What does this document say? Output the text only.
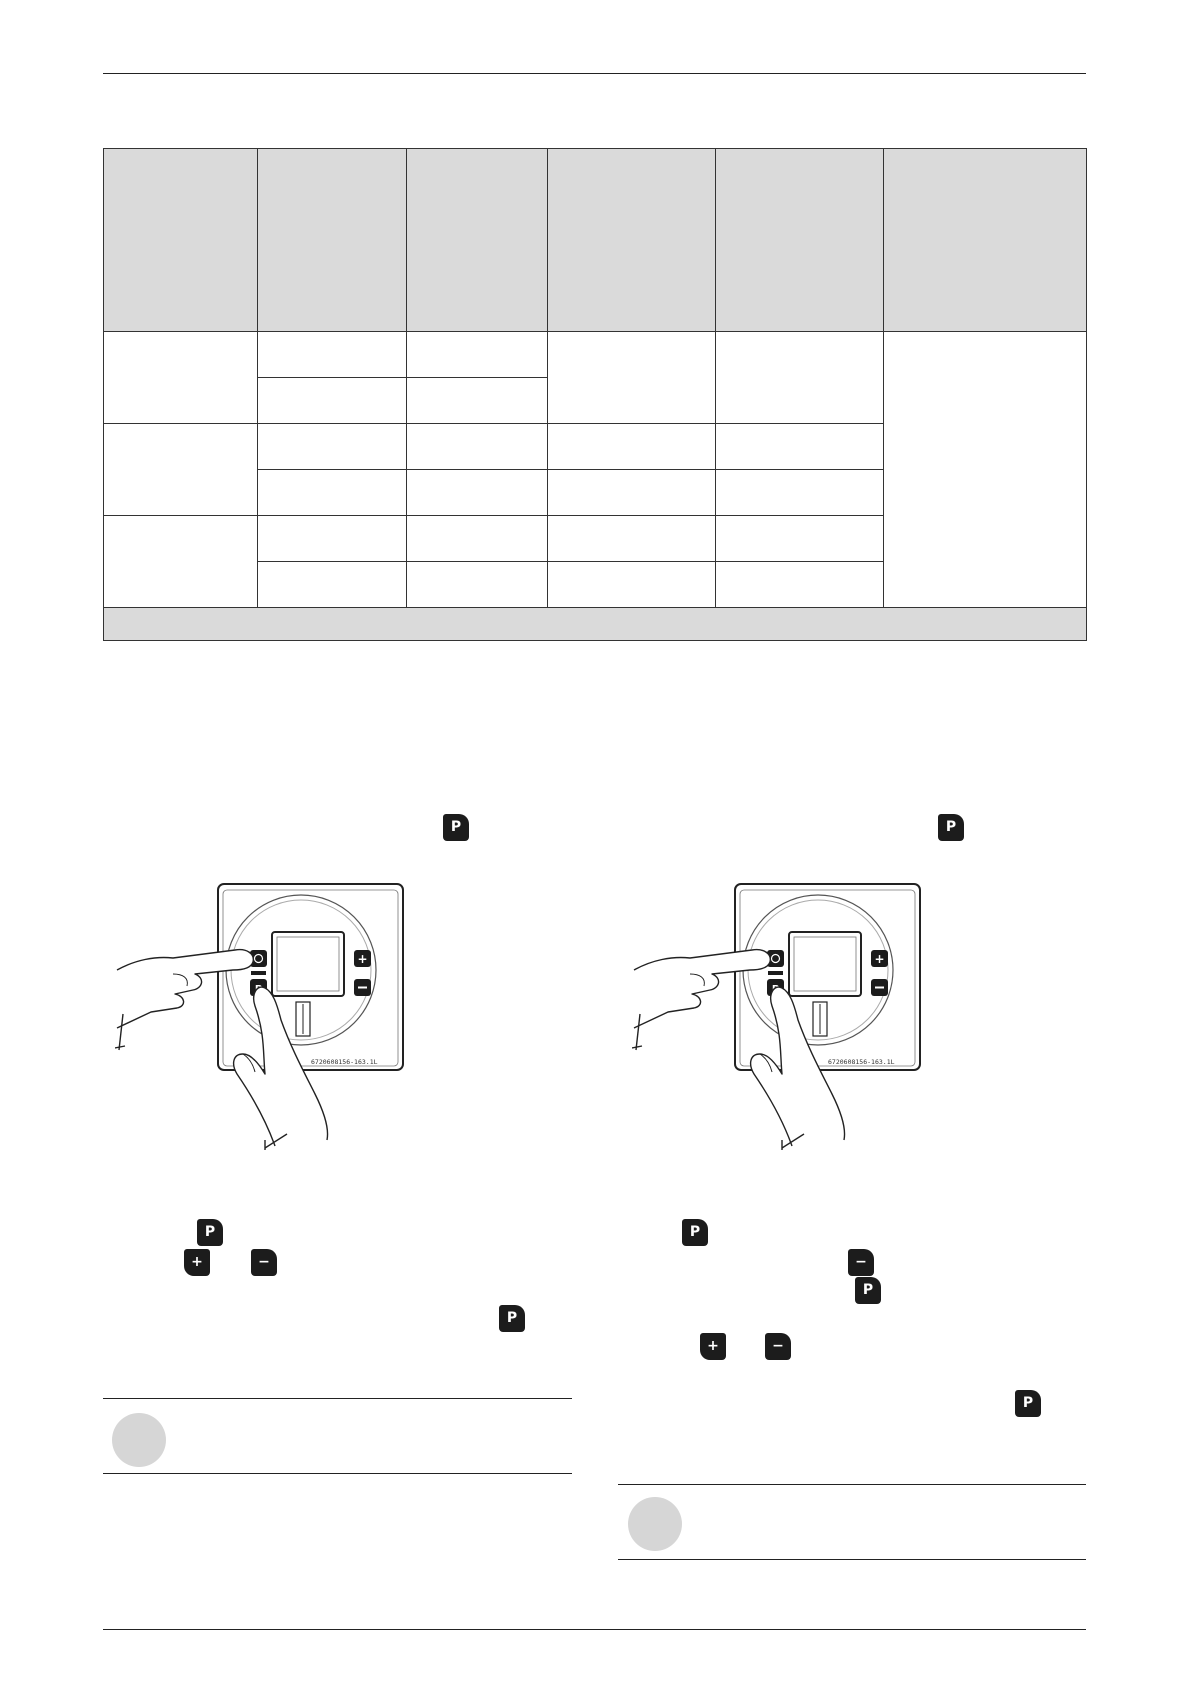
P	P
+
6720608156-163.1L
+
6720608156-163.1L
P
+	−
P
P
−
P
+	−
P
